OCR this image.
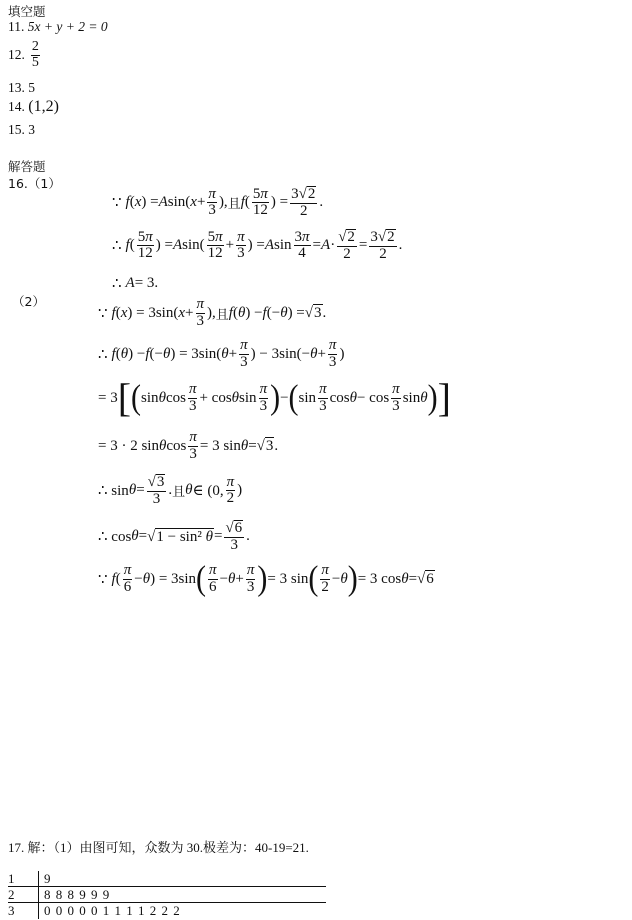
填空题
11. 5x + y + 2 = 0
12. $\frac{2}{5}$
13. 5
14. (1,2)
15. 3
解答题
16.（1）
∵ f ( x ) = A sin( $x + \frac{\pi}{3}$ ), 且 f ( $\frac{5\pi}{12}$ ) = $\frac{3√ 2}{2}$ .
∴ f ( $\frac{5\pi}{12}$ ) = A $\sin( \frac{5\pi}{12} + \frac{\pi}{3}$ ) = A $\sin \frac{3\pi}{4} = A \cdot \frac{√ 2}{2} = \frac{3√ 2}{2}$ .
∴ A = 3.
（2）
∵ f ( x ) = 3sin( $x + \frac{\pi}{3}$ ), 且 f ( θ ) − f (− θ ) = √ 3 .
∴ f ( θ ) − f (− θ ) = 3sin( $\theta + \frac{\pi}{3}$ ) − $3\sin(- \theta + \frac{\pi}{3}$ )
= 3 [ ( sin θ $\cos \frac{\pi}{3} + \cos \theta$ $\sin \frac{\pi}{3}$ ) − ( $\sin \frac{\pi}{3}$ $\cos \theta - \cos \frac{\pi}{3}$ sin θ ) ]
= 3 · 2 sin θ $\cos \frac{\pi}{3} = 3$ sin θ = √ 3 .
∴ $\sin \theta = \frac{√ 3}{3}$ . 且 θ ∈ (0, $\frac{\pi}{2}$ )
∴ cos θ = √ 1 − sin² $\theta = \frac{√ 6}{3}$ .
∵ f ( $\frac{\pi}{6} - \theta$ ) = 3sin ( $\frac{\pi}{6} - \theta + \frac{\pi}{3}$ ) = 3 sin ( $\frac{\pi}{2} - \theta$ ) = 3 cos θ = √ 6
17. 解：（1）由图可知，众数为 30.极差为：40-19=21.
1 9
2 8 8 8 9 9 9
3 0 0 0 0 0 1 1 1 1 2 2 2
